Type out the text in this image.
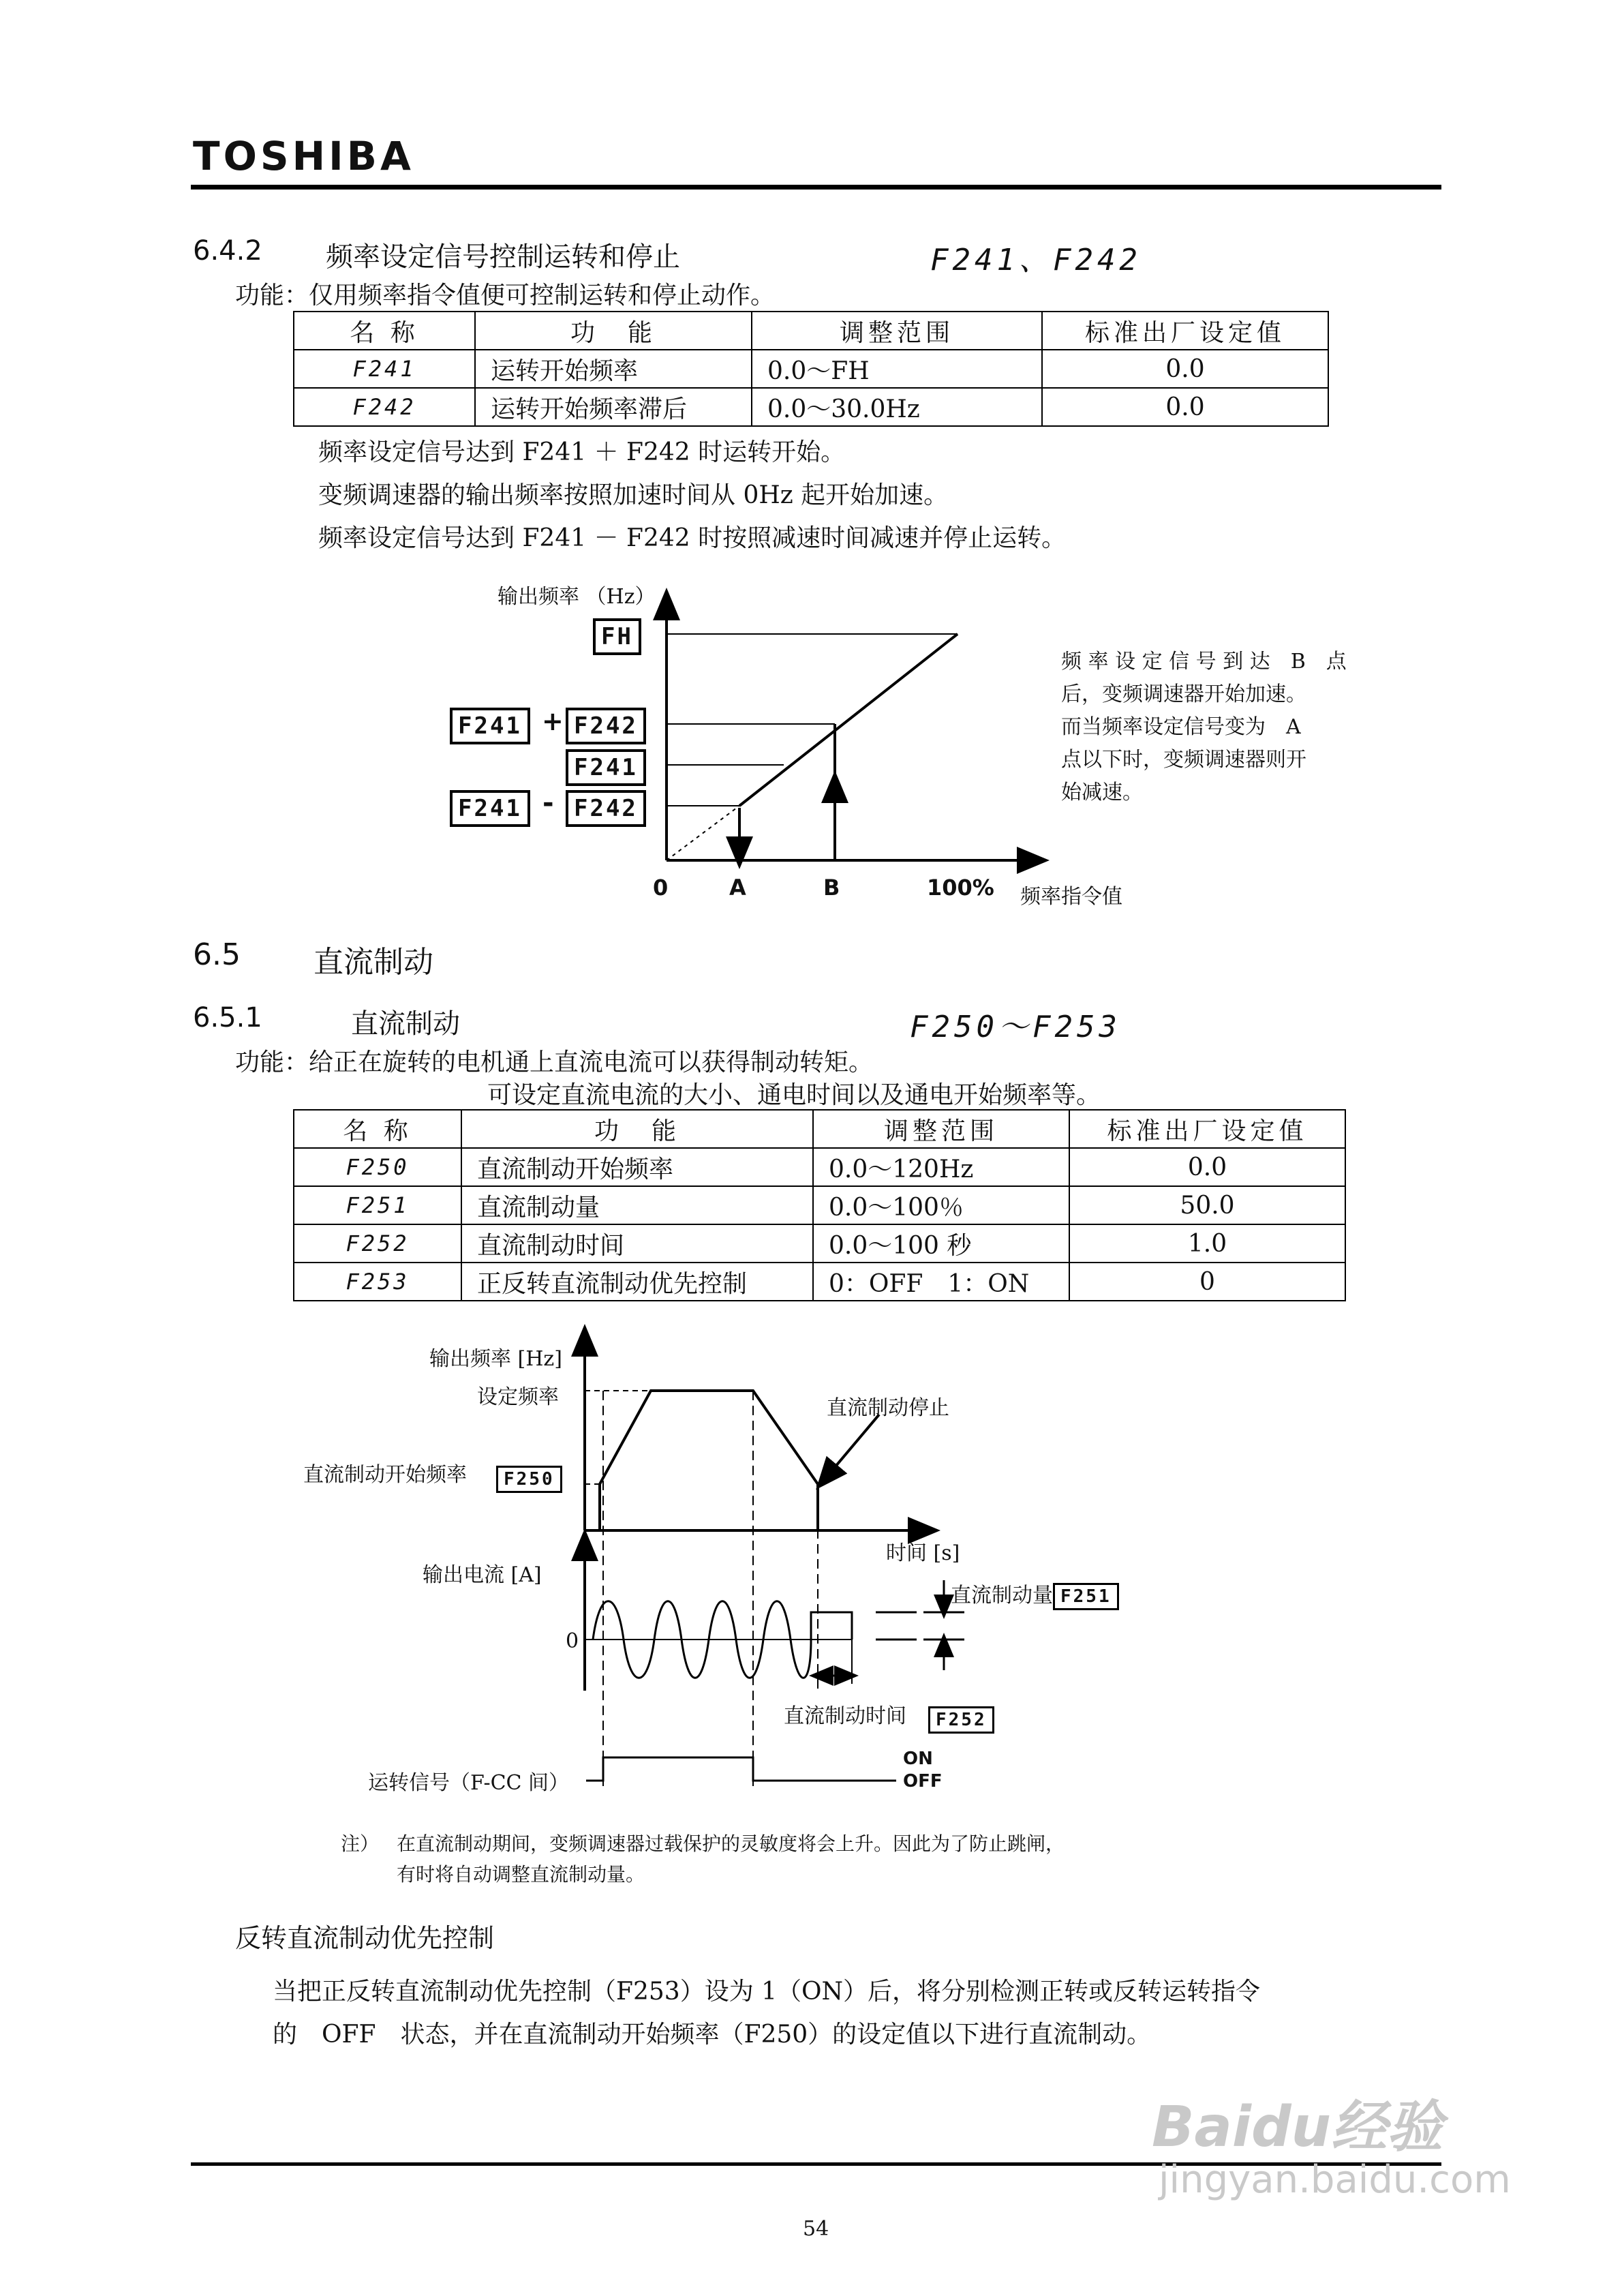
TOSHIBA
6.4.2 频率设定信号控制运转和停止	F241、F242
功能：仅用频率指令值便可控制运转和停止动作。
名 称	功　能	调整范围	标准出厂设定值
F241	运转开始频率	0.0～FH	0.0
F242	运转开始频率滞后	0.0～30.0Hz	0.0
频率设定信号达到 F241 ＋ F242 时运转开始。
变频调速器的输出频率按照加速时间从 0Hz 起开始加速。
频率设定信号达到 F241 － F242 时按照减速时间减速并停止运转。
输出频率 （Hz）
FH
F241 + F242
F241
F241 - F242
0	A	B	100% 频率指令值
频 率 设 定 信 号 到 达　B　点
后，变频调速器开始加速。
而当频率设定信号变为　A
点以下时，变频调速器则开
始减速。
6.5 直流制动
6.5.1	直流制动	F250～F253
功能：给正在旋转的电机通上直流电流可以获得制动转矩。
可设定直流电流的大小、通电时间以及通电开始频率等。
名 称	功　能	调整范围	标准出厂设定值
F250	直流制动开始频率	0.0～120Hz	0.0
F251	直流制动量	0.0～100％	50.0
F252	直流制动时间	0.0～100 秒	1.0
F253	正反转直流制动优先控制	0：OFF　1：ON	0
输出频率 [Hz]
设定频率	直流制动停止
直流制动开始频率	F250
时间 [s]
输出电流 [A]
0
直流制动量 F251
直流制动时间	F252
运转信号（F-CC 间）
ON
OFF
注） 在直流制动期间，变频调速器过载保护的灵敏度将会上升。因此为了防止跳闸，
有时将自动调整直流制动量。
反转直流制动优先控制
当把正反转直流制动优先控制（F253）设为 1（ON）后，将分别检测正转或反转运转指令
的　OFF　状态，并在直流制动开始频率（F250）的设定值以下进行直流制动。
54
Baidu经验
jingyan.baidu.com
